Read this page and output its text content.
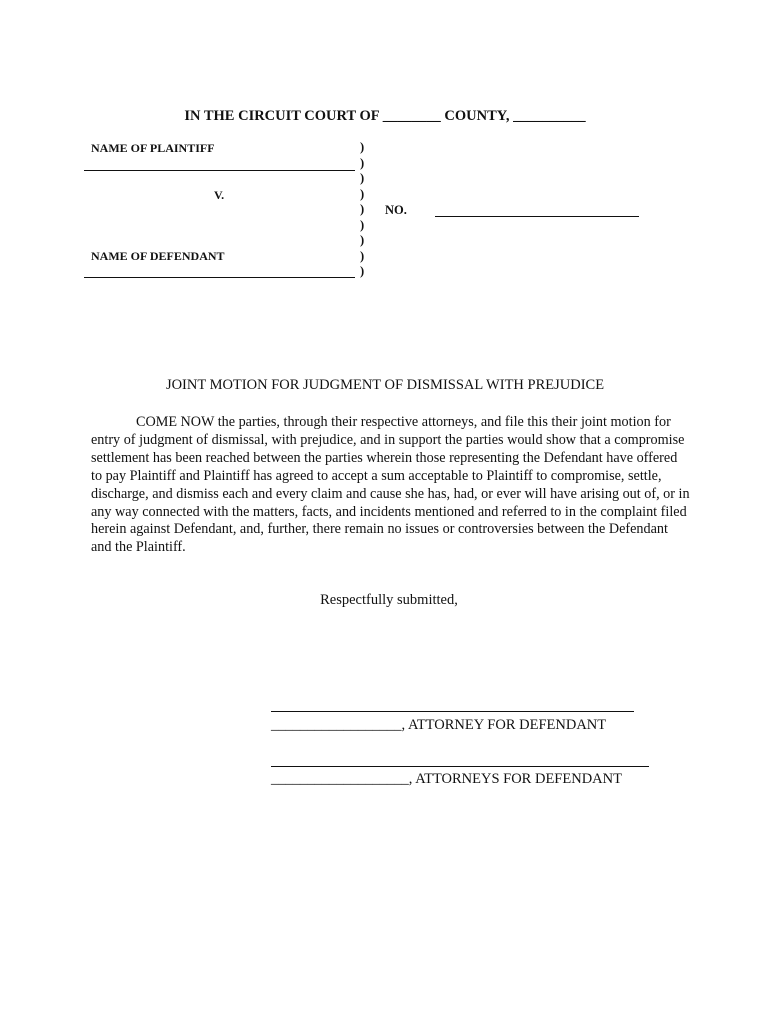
IN THE CIRCUIT COURT OF ________ COUNTY, __________
NAME OF PLAINTIFF
V.
NAME OF DEFENDANT
)
)
)
)
)
)
)
)
)
NO.
JOINT MOTION FOR JUDGMENT OF DISMISSAL WITH PREJUDICE
COME NOW the parties, through their respective attorneys, and file this their joint motion for entry of judgment of dismissal, with prejudice, and in support the parties would show that a compromise settlement has been reached between the parties wherein those representing the Defendant have offered to pay Plaintiff and Plaintiff has agreed to accept a sum acceptable to Plaintiff to compromise, settle, discharge, and dismiss each and every claim and cause she has, had, or ever will have arising out of, or in any way connected with the matters, facts, and incidents mentioned and referred to in the complaint filed herein against Defendant, and, further, there remain no issues or controversies between the Defendant and the Plaintiff.
Respectfully submitted,
__________________, ATTORNEY FOR DEFENDANT
___________________, ATTORNEYS FOR DEFENDANT
